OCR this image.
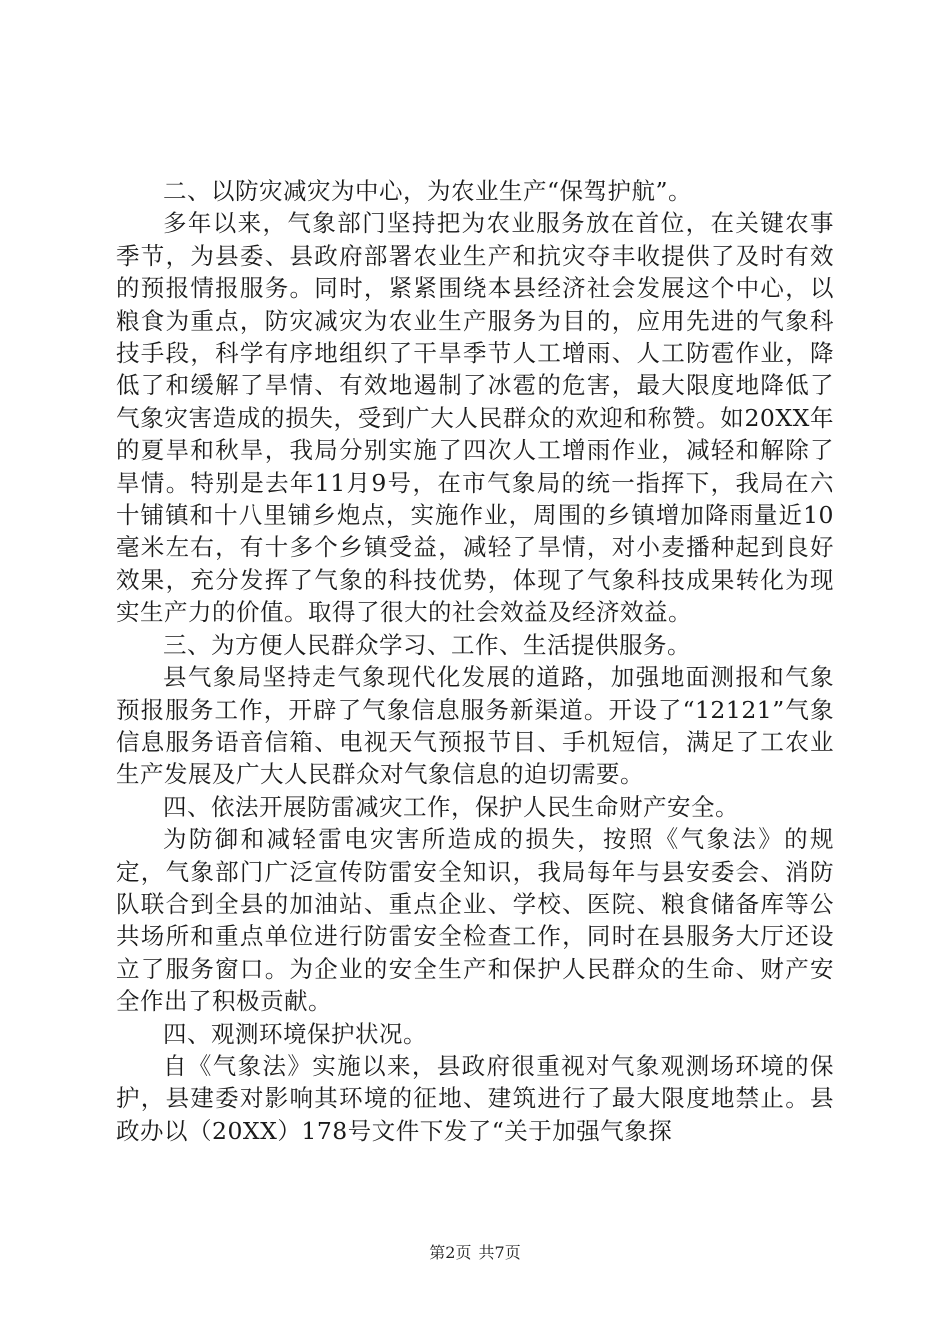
二、以防灾减灾为中心，为农业生产“保驾护航”。

多年以来，气象部门坚持把为农业服务放在首位，在关键农事季节，为县委、县政府部署农业生产和抗灾夺丰收提供了及时有效的预报情报服务。同时，紧紧围绕本县经济社会发展这个中心，以粮食为重点，防灾减灾为农业生产服务为目的，应用先进的气象科技手段，科学有序地组织了干旱季节人工增雨、人工防雹作业，降低了和缓解了旱情、有效地遏制了冰雹的危害，最大限度地降低了气象灾害造成的损失，受到广大人民群众的欢迎和称赞。如20XX年的夏旱和秋旱，我局分别实施了四次人工增雨作业，减轻和解除了旱情。特别是去年11月9号，在市气象局的统一指挥下，我局在六十铺镇和十八里铺乡炮点，实施作业，周围的乡镇增加降雨量近10毫米左右，有十多个乡镇受益，减轻了旱情，对小麦播种起到良好效果，充分发挥了气象的科技优势，体现了气象科技成果转化为现实生产力的价值。取得了很大的社会效益及经济效益。

三、为方便人民群众学习、工作、生活提供服务。

县气象局坚持走气象现代化发展的道路，加强地面测报和气象预报服务工作，开辟了气象信息服务新渠道。开设了“12121”气象信息服务语音信箱、电视天气预报节目、手机短信，满足了工农业生产发展及广大人民群众对气象信息的迫切需要。

四、依法开展防雷减灾工作，保护人民生命财产安全。

为防御和减轻雷电灾害所造成的损失，按照《气象法》的规定，气象部门广泛宣传防雷安全知识，我局每年与县安委会、消防队联合到全县的加油站、重点企业、学校、医院、粮食储备库等公共场所和重点单位进行防雷安全检查工作，同时在县服务大厅还设立了服务窗口。为企业的安全生产和保护人民群众的生命、财产安全作出了积极贡献。

四、观测环境保护状况。

自《气象法》实施以来，县政府很重视对气象观测场环境的保护，县建委对影响其环境的征地、建筑进行了最大限度地禁止。县政办以（20XX）178号文件下发了“关于加强气象探

第2页 共7页
